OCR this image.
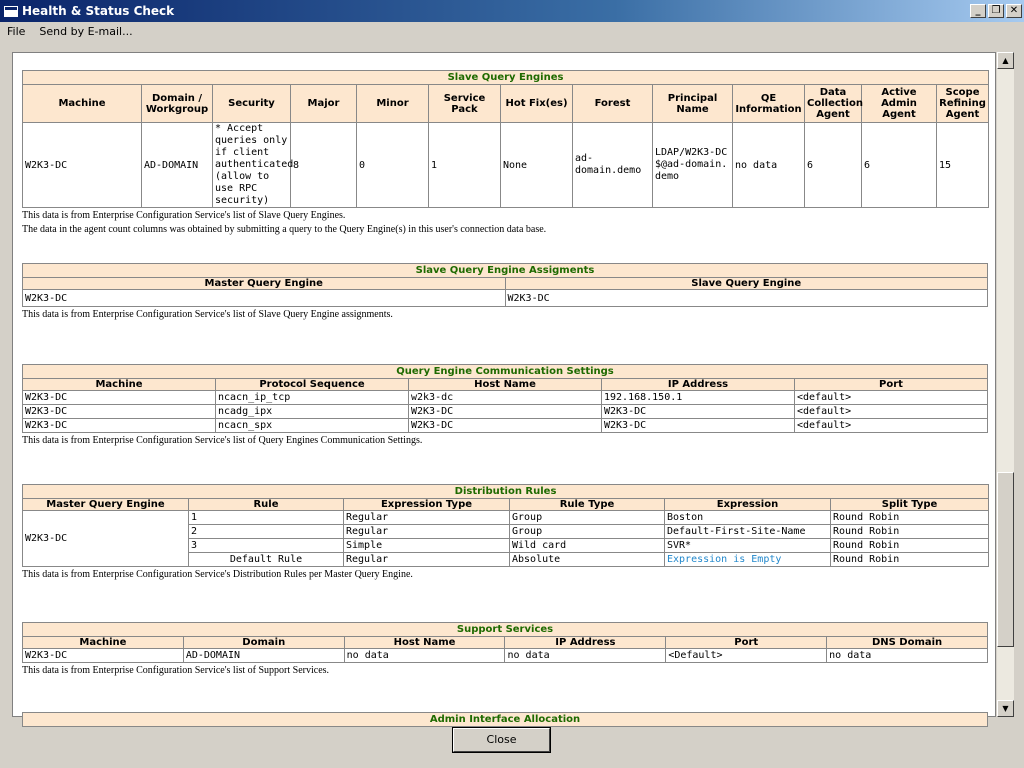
Health & Status Check	_	❐ ✕
File Send by E-mail...
Slave Query Engines												
Machine	Domain / Workgroup	Security	Major	Minor	Service Pack	Hot Fix(es)	Forest	Principal Name	QE Information	Data Collection Agent	Active Admin Agent	Scope Refining Agent
W2K3-DC	AD-DOMAIN	* Accept queries only if client authenticated (allow to use RPC security)	8	0	1	None	ad-domain.demo	LDAP/W2K3-DC$@ad-domain.demo	no data	6	6	15
This data is from Enterprise Configuration Service's list of Slave Query Engines.
The data in the agent count columns was obtained by submitting a query to the Query Engine(s) in this user's connection data base.
Slave Query Engine Assigments	
Master Query Engine	Slave Query Engine
W2K3-DC	W2K3-DC
This data is from Enterprise Configuration Service's list of Slave Query Engine assignments.
Query Engine Communication Settings				
Machine	Protocol Sequence	Host Name	IP Address	Port
W2K3-DC	ncacn_ip_tcp	w2k3-dc	192.168.150.1	<default>
W2K3-DC	ncadg_ipx	W2K3-DC	W2K3-DC	<default>
W2K3-DC	ncacn_spx	W2K3-DC	W2K3-DC	<default>
This data is from Enterprise Configuration Service's list of Query Engines Communication Settings.
Distribution Rules					
Master Query Engine	Rule	Expression Type	Rule Type	Expression	Split Type
W2K3-DC	1	Regular	Group	Boston	Round Robin
	2	Regular	Group	Default-First-Site-Name	Round Robin
	3	Simple	Wild card	SVR*	Round Robin
	Default Rule	Regular	Absolute	Expression is Empty	Round Robin
This data is from Enterprise Configuration Service's Distribution Rules per Master Query Engine.
Support Services					
Machine	Domain	Host Name	IP Address	Port	DNS Domain
W2K3-DC	AD-DOMAIN	no data	no data	<Default>	no data
This data is from Enterprise Configuration Service's list of Support Services.
Admin Interface Allocation
▲
▼
Close
